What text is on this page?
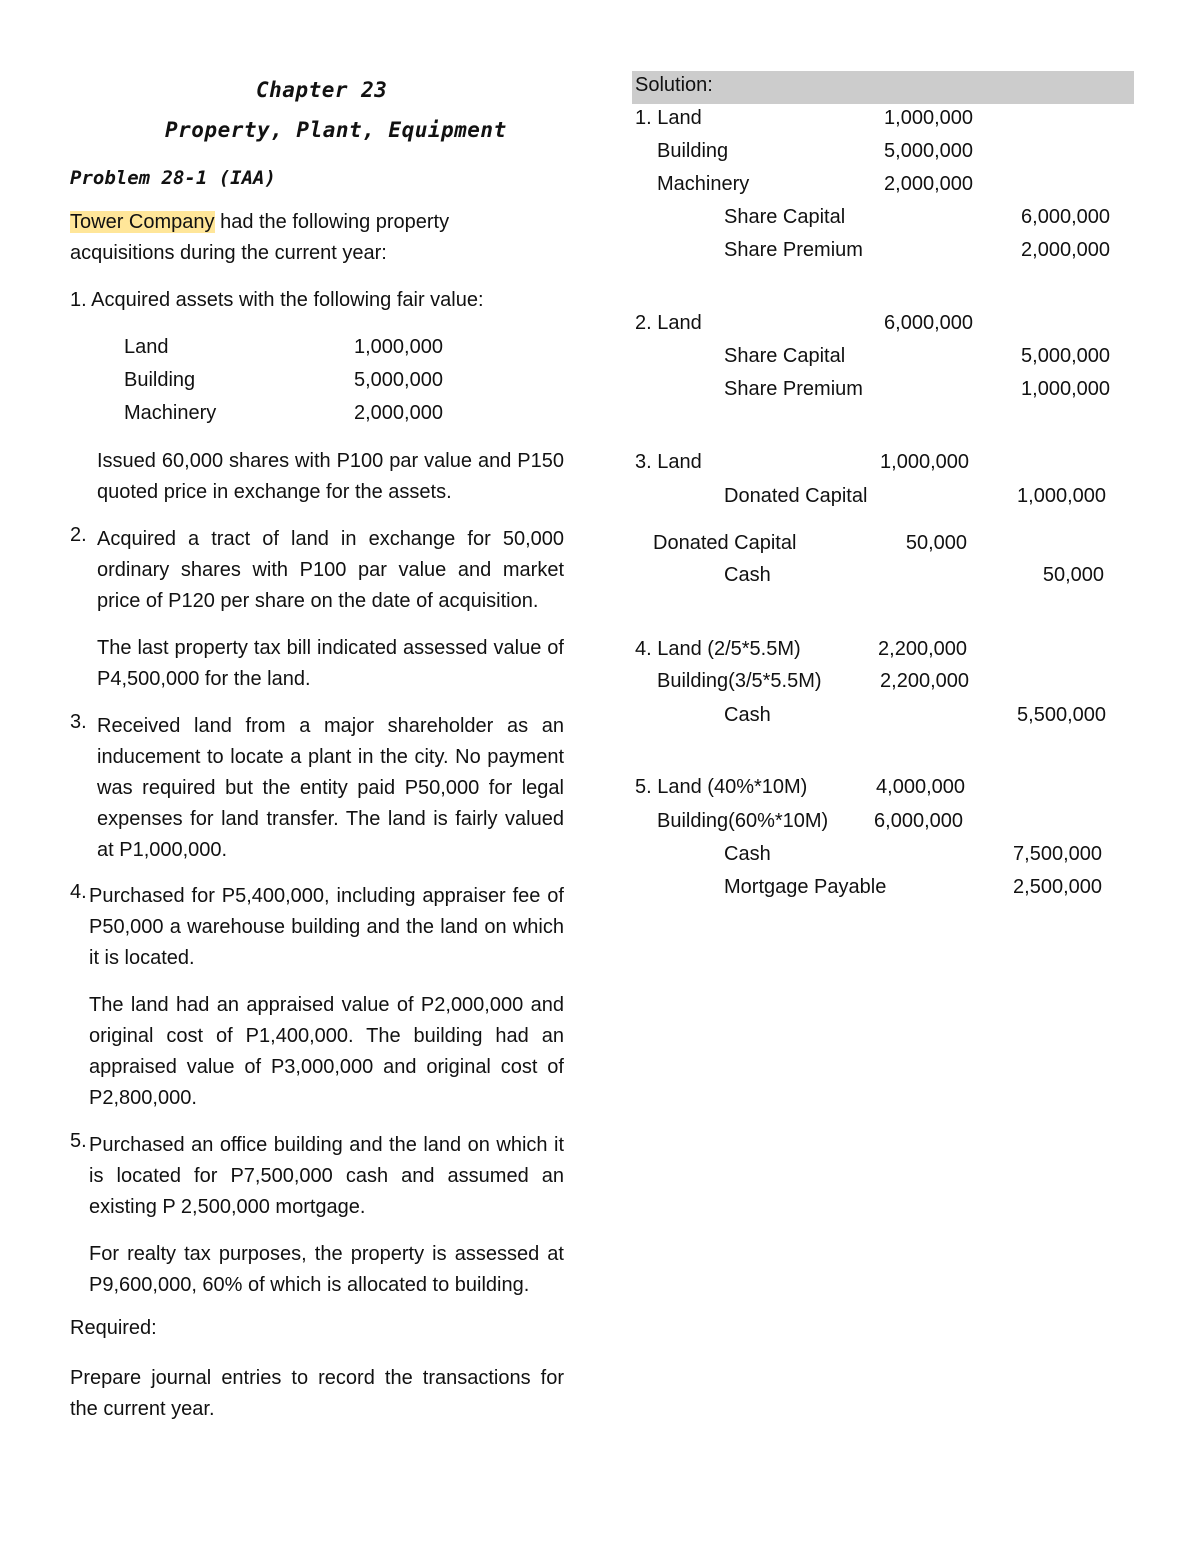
Chapter 23
Property, Plant, Equipment
Problem 28-1 (IAA)
Tower Company had the following property
acquisitions during the current year:
1. Acquired assets with the following fair value:
Land	1,000,000
Building	5,000,000
Machinery	2,000,000
Issued 60,000 shares with P100 par value and P150 quoted price in exchange for the assets.
2. Acquired a tract of land in exchange for 50,000 ordinary shares with P100 par value and market price of P120 per share on the date of acquisition.
The last property tax bill indicated assessed value of P4,500,000 for the land.
3. Received land from a major shareholder as an inducement to locate a plant in the city. No payment was required but the entity paid P50,000 for legal expenses for land transfer. The land is fairly valued at P1,000,000.
4. Purchased for P5,400,000, including appraiser fee of P50,000 a warehouse building and the land on which it is located.
The land had an appraised value of P2,000,000 and original cost of P1,400,000. The building had an appraised value of P3,000,000 and original cost of P2,800,000.
5. Purchased an office building and the land on which it is located for P7,500,000 cash and assumed an existing P 2,500,000 mortgage.
For realty tax purposes, the property is assessed at P9,600,000, 60% of which is allocated to building.
Required:
Prepare journal entries to record the transactions for the current year.
Solution:
1. Land	1,000,000
Building	5,000,000
Machinery	2,000,000
Share Capital	6,000,000
Share Premium	2,000,000
2. Land	6,000,000
Share Capital	5,000,000
Share Premium	1,000,000
3. Land	1,000,000
Donated Capital	1,000,000
Donated Capital	50,000
Cash	50,000
4. Land (2/5*5.5M)	2,200,000
Building(3/5*5.5M)	2,200,000
Cash	5,500,000
5. Land (40%*10M)	4,000,000
Building(60%*10M)	6,000,000
Cash	7,500,000
Mortgage Payable	2,500,000
